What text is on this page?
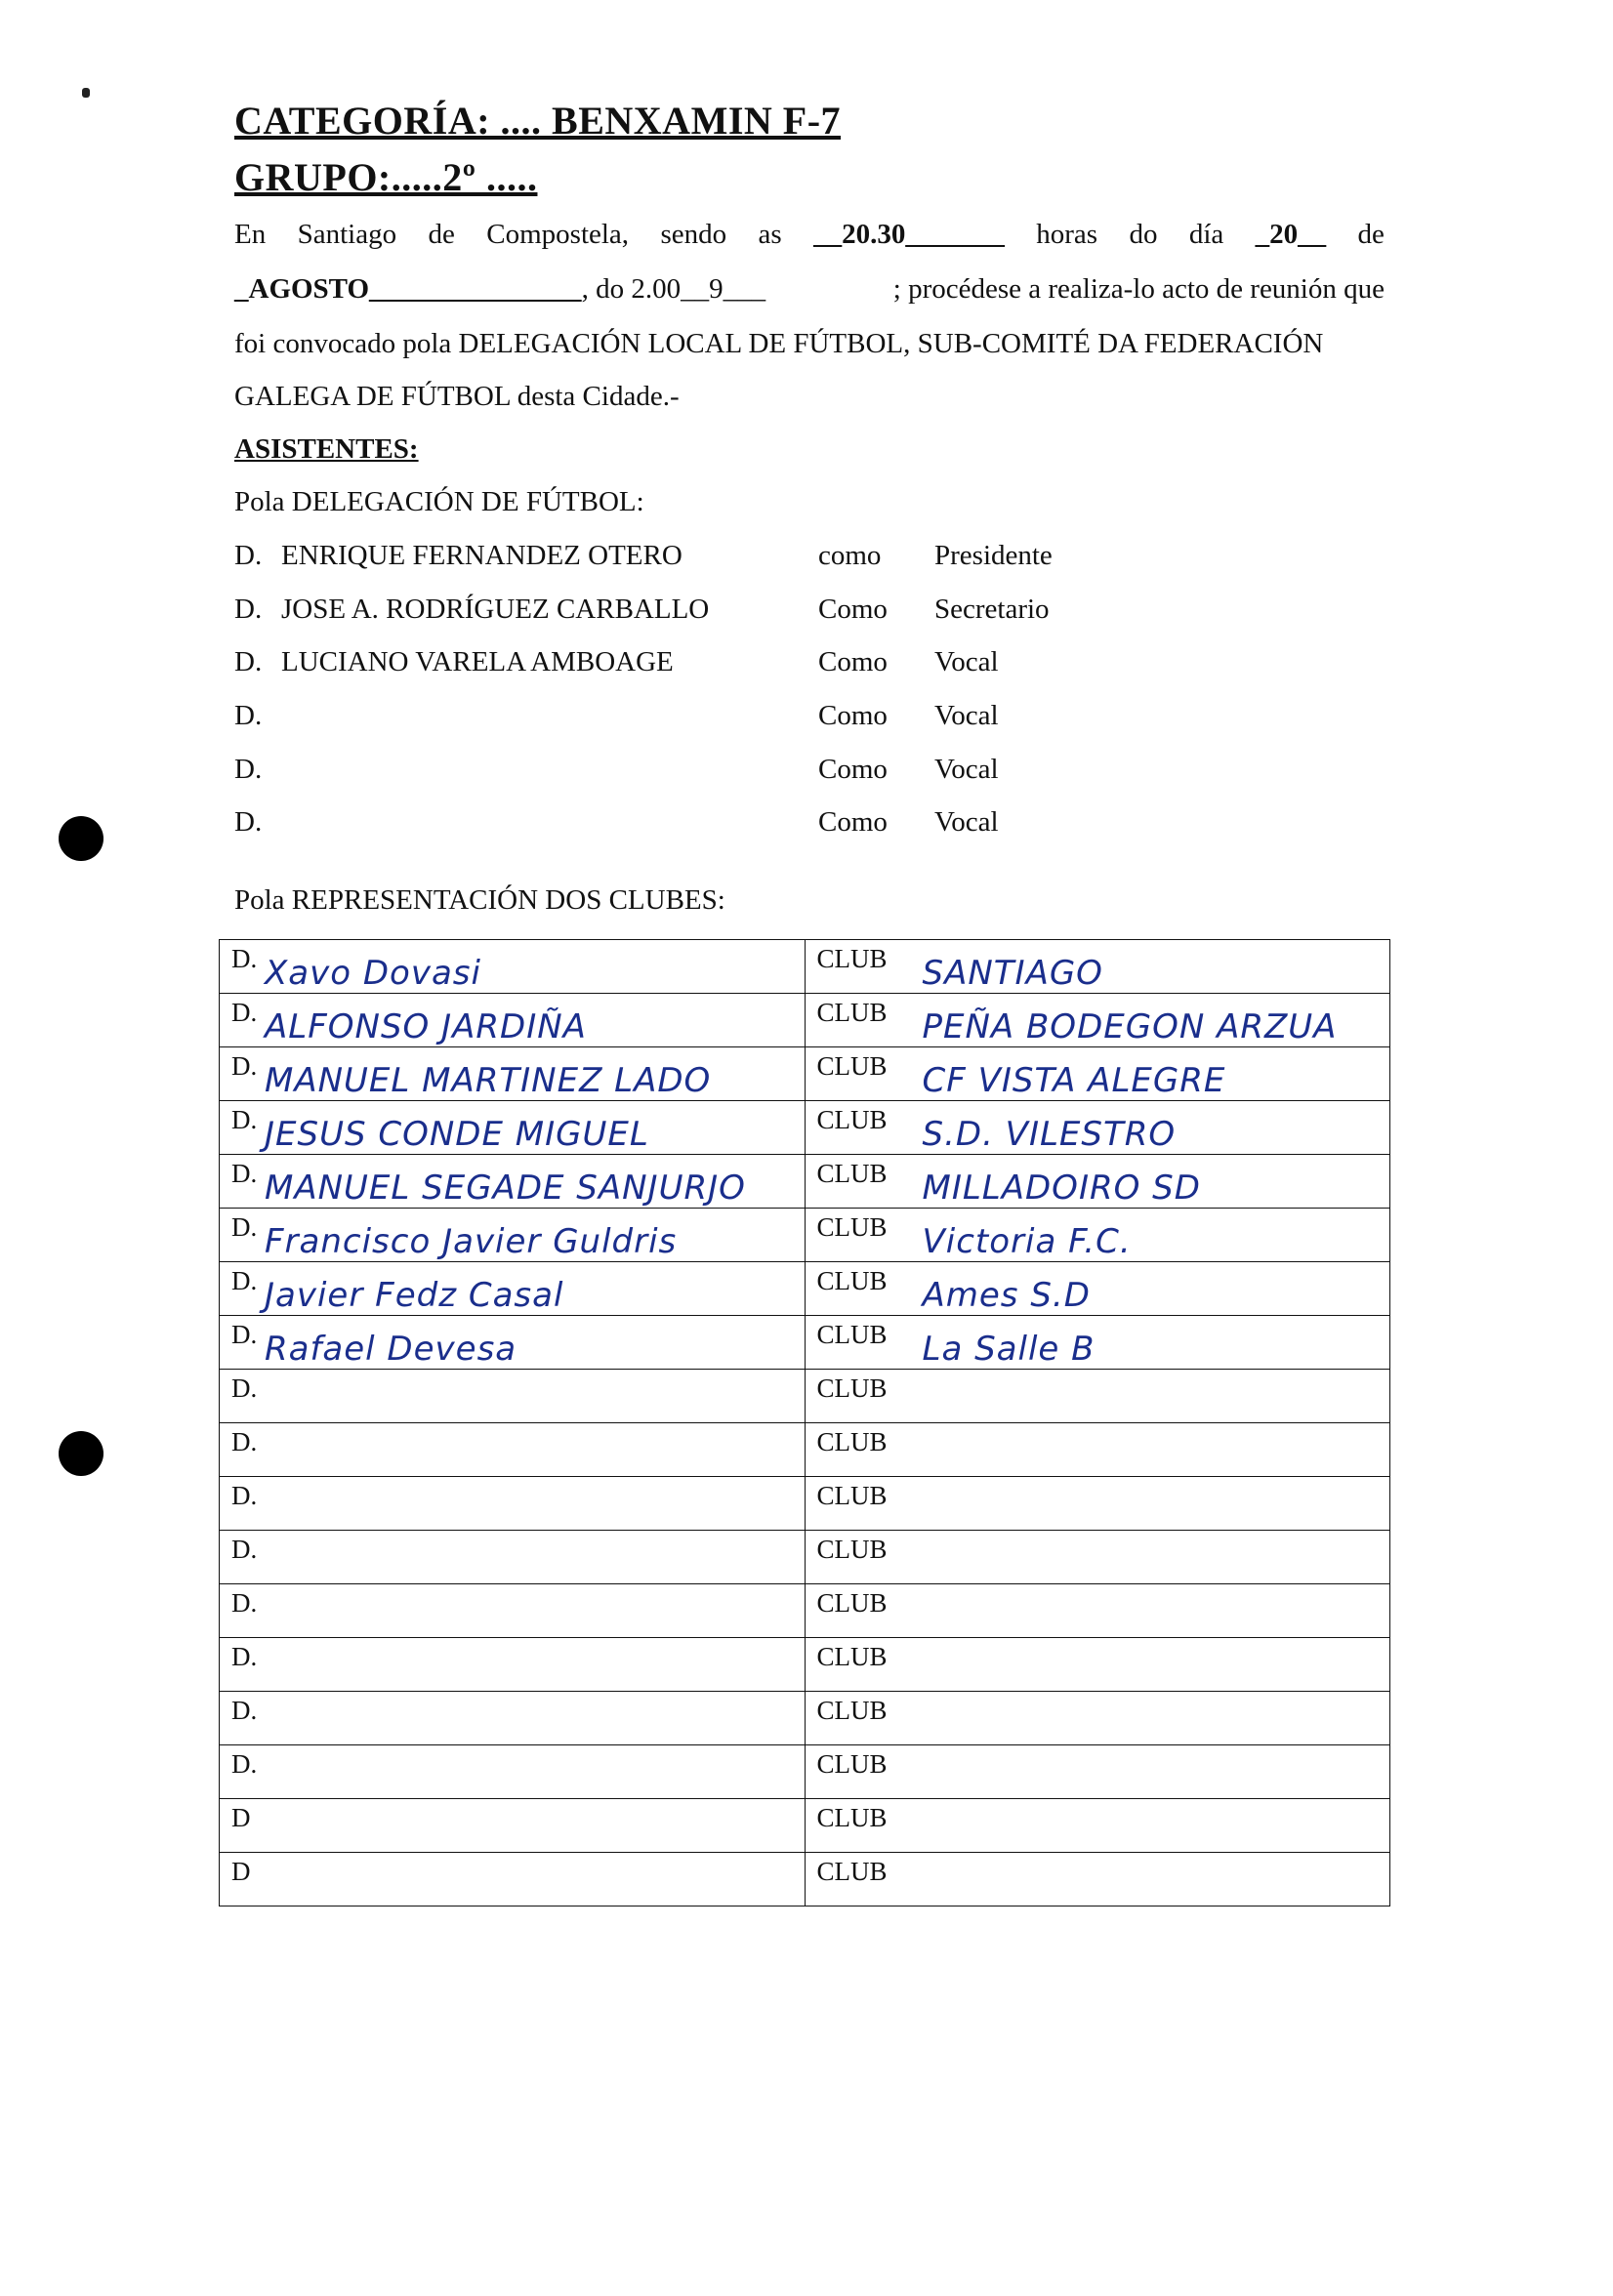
CATEGORÍA: .... BENXAMIN F-7
GRUPO:.....2º .....
En Santiago de Compostela, sendo as __20.30_______ horas do día _20__ de
_AGOSTO_______________, do 2.00__9___	; procédese a realiza-lo acto de reunión que
foi convocado pola DELEGACIÓN LOCAL DE FÚTBOL, SUB-COMITÉ DA FEDERACIÓN
GALEGA DE FÚTBOL desta Cidade.-
ASISTENTES:
Pola DELEGACIÓN DE FÚTBOL:
D. ENRIQUE FERNANDEZ OTERO	como Presidente
D. JOSE A. RODRÍGUEZ CARBALLO	Como Secretario
D. LUCIANO VARELA AMBOAGE	Como Vocal
D.	Como Vocal
D.	Como Vocal
D.	Como Vocal
Pola REPRESENTACIÓN DOS CLUBES:
D. Xavo Dovasi	CLUB SANTIAGO

D. ALFONSO JARDIÑA	CLUB PEÑA BODEGON ARZUA

D. MANUEL MARTINEZ LADO	CLUB CF VISTA ALEGRE

D. JESUS CONDE MIGUEL	CLUB S.D. VILESTRO

D. MANUEL SEGADE SANJURJO	CLUB MILLADOIRO SD

D. Francisco Javier Guldris	CLUB Victoria F.C.

D. Javier Fedz Casal	CLUB Ames S.D

D. Rafael Devesa	CLUB La Salle B

D.	CLUB

D.	CLUB

D.	CLUB

D.	CLUB

D.	CLUB

D.	CLUB

D.	CLUB

D.	CLUB

D	CLUB

D	CLUB
